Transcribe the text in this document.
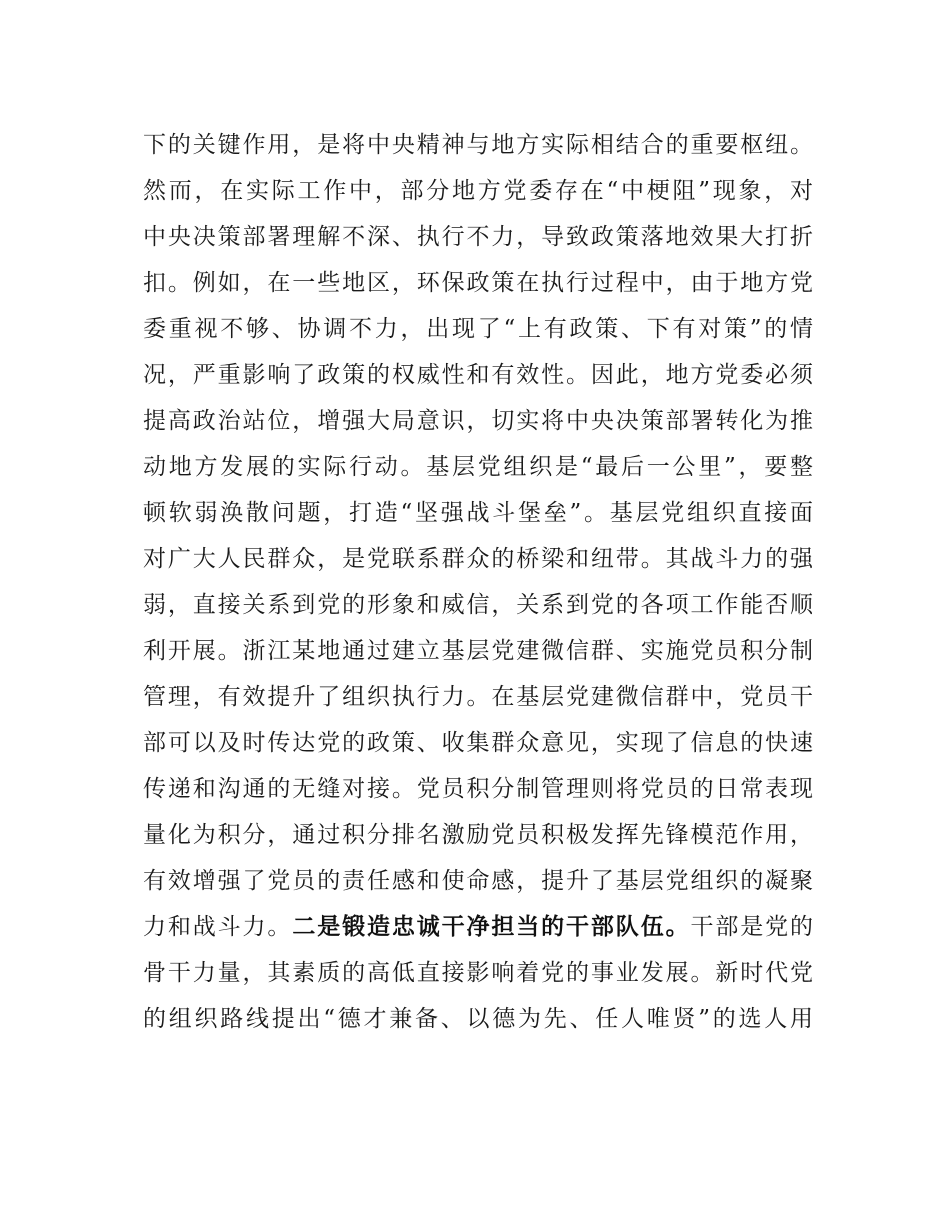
下的关键作用，是将中央精神与地方实际相结合的重要枢纽。
然而，在实际工作中，部分地方党委存在“中梗阻”现象，对
中央决策部署理解不深、执行不力，导致政策落地效果大打折
扣。例如，在一些地区，环保政策在执行过程中，由于地方党
委重视不够、协调不力，出现了“上有政策、下有对策”的情
况，严重影响了政策的权威性和有效性。因此，地方党委必须
提高政治站位，增强大局意识，切实将中央决策部署转化为推
动地方发展的实际行动。基层党组织是“最后一公里”，要整
顿软弱涣散问题，打造“坚强战斗堡垒”。基层党组织直接面
对广大人民群众，是党联系群众的桥梁和纽带。其战斗力的强
弱，直接关系到党的形象和威信，关系到党的各项工作能否顺
利开展。浙江某地通过建立基层党建微信群、实施党员积分制
管理，有效提升了组织执行力。在基层党建微信群中，党员干
部可以及时传达党的政策、收集群众意见，实现了信息的快速
传递和沟通的无缝对接。党员积分制管理则将党员的日常表现
量化为积分，通过积分排名激励党员积极发挥先锋模范作用，
有效增强了党员的责任感和使命感，提升了基层党组织的凝聚
力和战斗力。二是锻造忠诚干净担当的干部队伍。干部是党的
骨干力量，其素质的高低直接影响着党的事业发展。新时代党
的组织路线提出“德才兼备、以德为先、任人唯贤”的选人用
